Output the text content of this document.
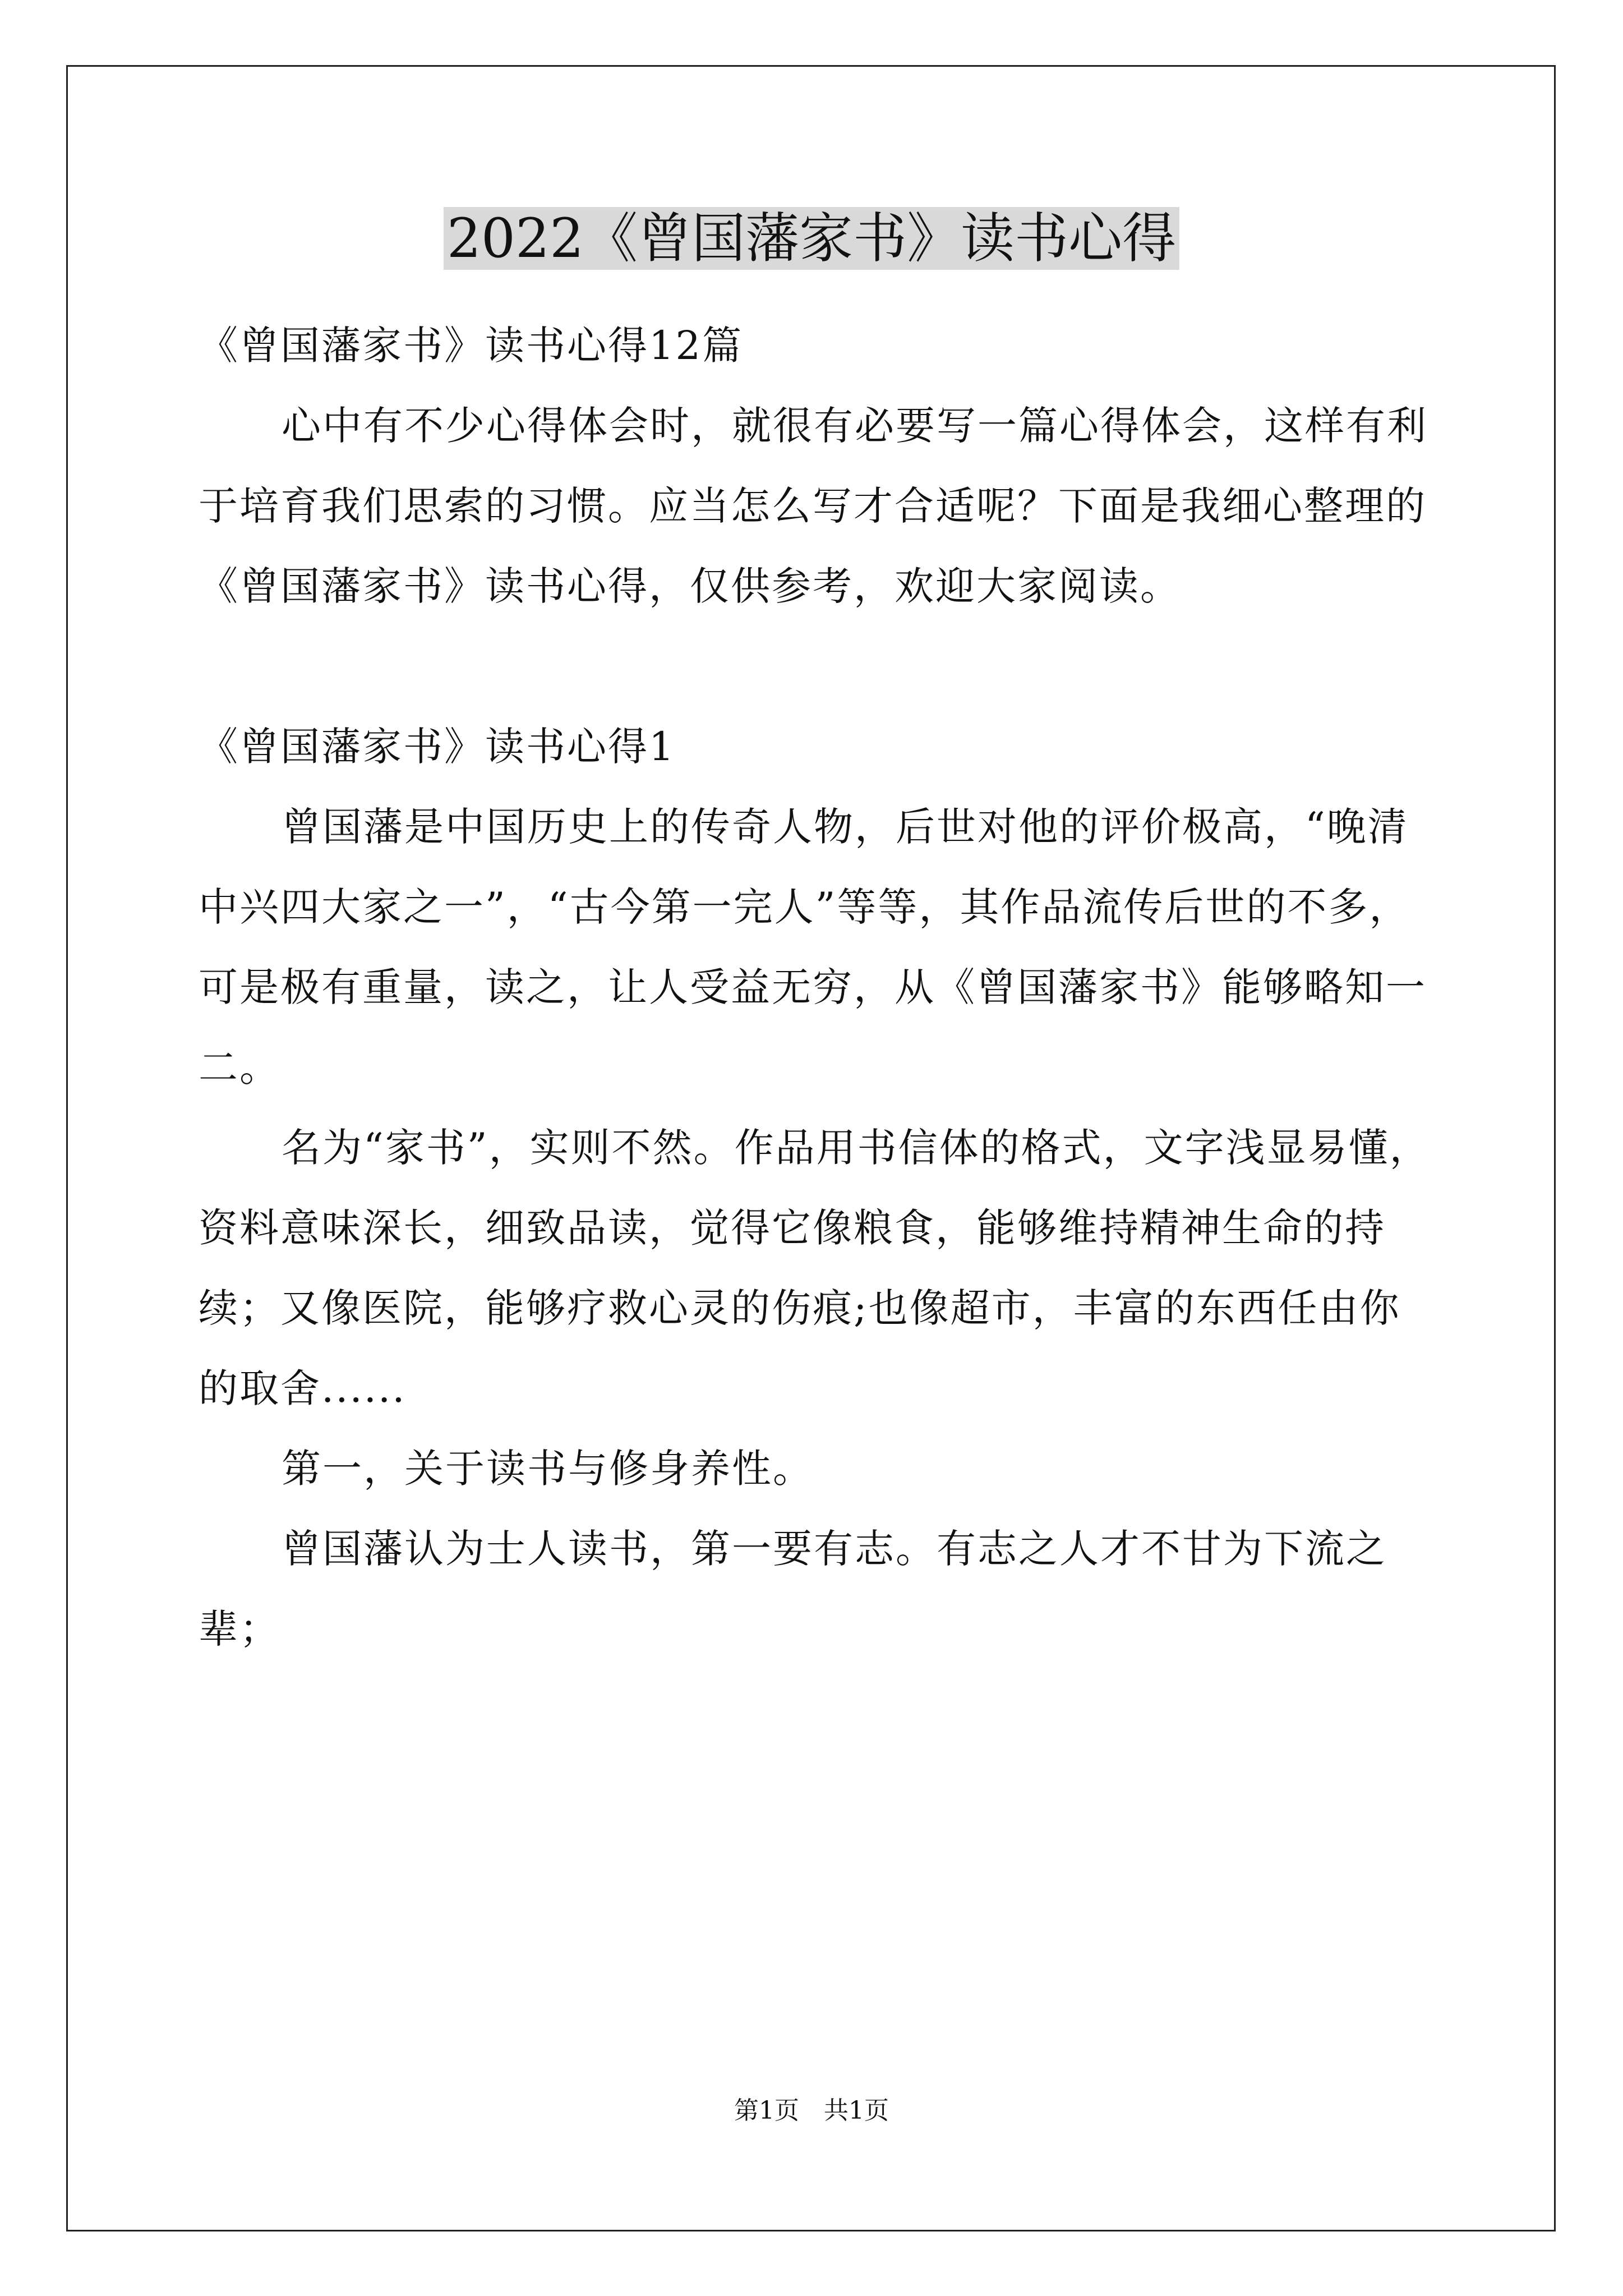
2022《曾国藩家书》读书心得

《曾国藩家书》读书心得12篇

心中有不少心得体会时，就很有必要写一篇心得体会，这样有利于培育我们思索的习惯。应当怎么写才合适呢？下面是我细心整理的《曾国藩家书》读书心得，仅供参考，欢迎大家阅读。

《曾国藩家书》读书心得1

曾国藩是中国历史上的传奇人物，后世对他的评价极高，“晚清中兴四大家之一”，“古今第一完人”等等，其作品流传后世的不多，可是极有重量，读之，让人受益无穷，从《曾国藩家书》能够略知一二。

名为“家书”，实则不然。作品用书信体的格式，文字浅显易懂，资料意味深长，细致品读，觉得它像粮食，能够维持精神生命的持续；又像医院，能够疗救心灵的伤痕;也像超市，丰富的东西任由你的取舍......

第一，关于读书与修身养性。

曾国藩认为士人读书，第一要有志。有志之人才不甘为下流之辈；

第1页　共1页
